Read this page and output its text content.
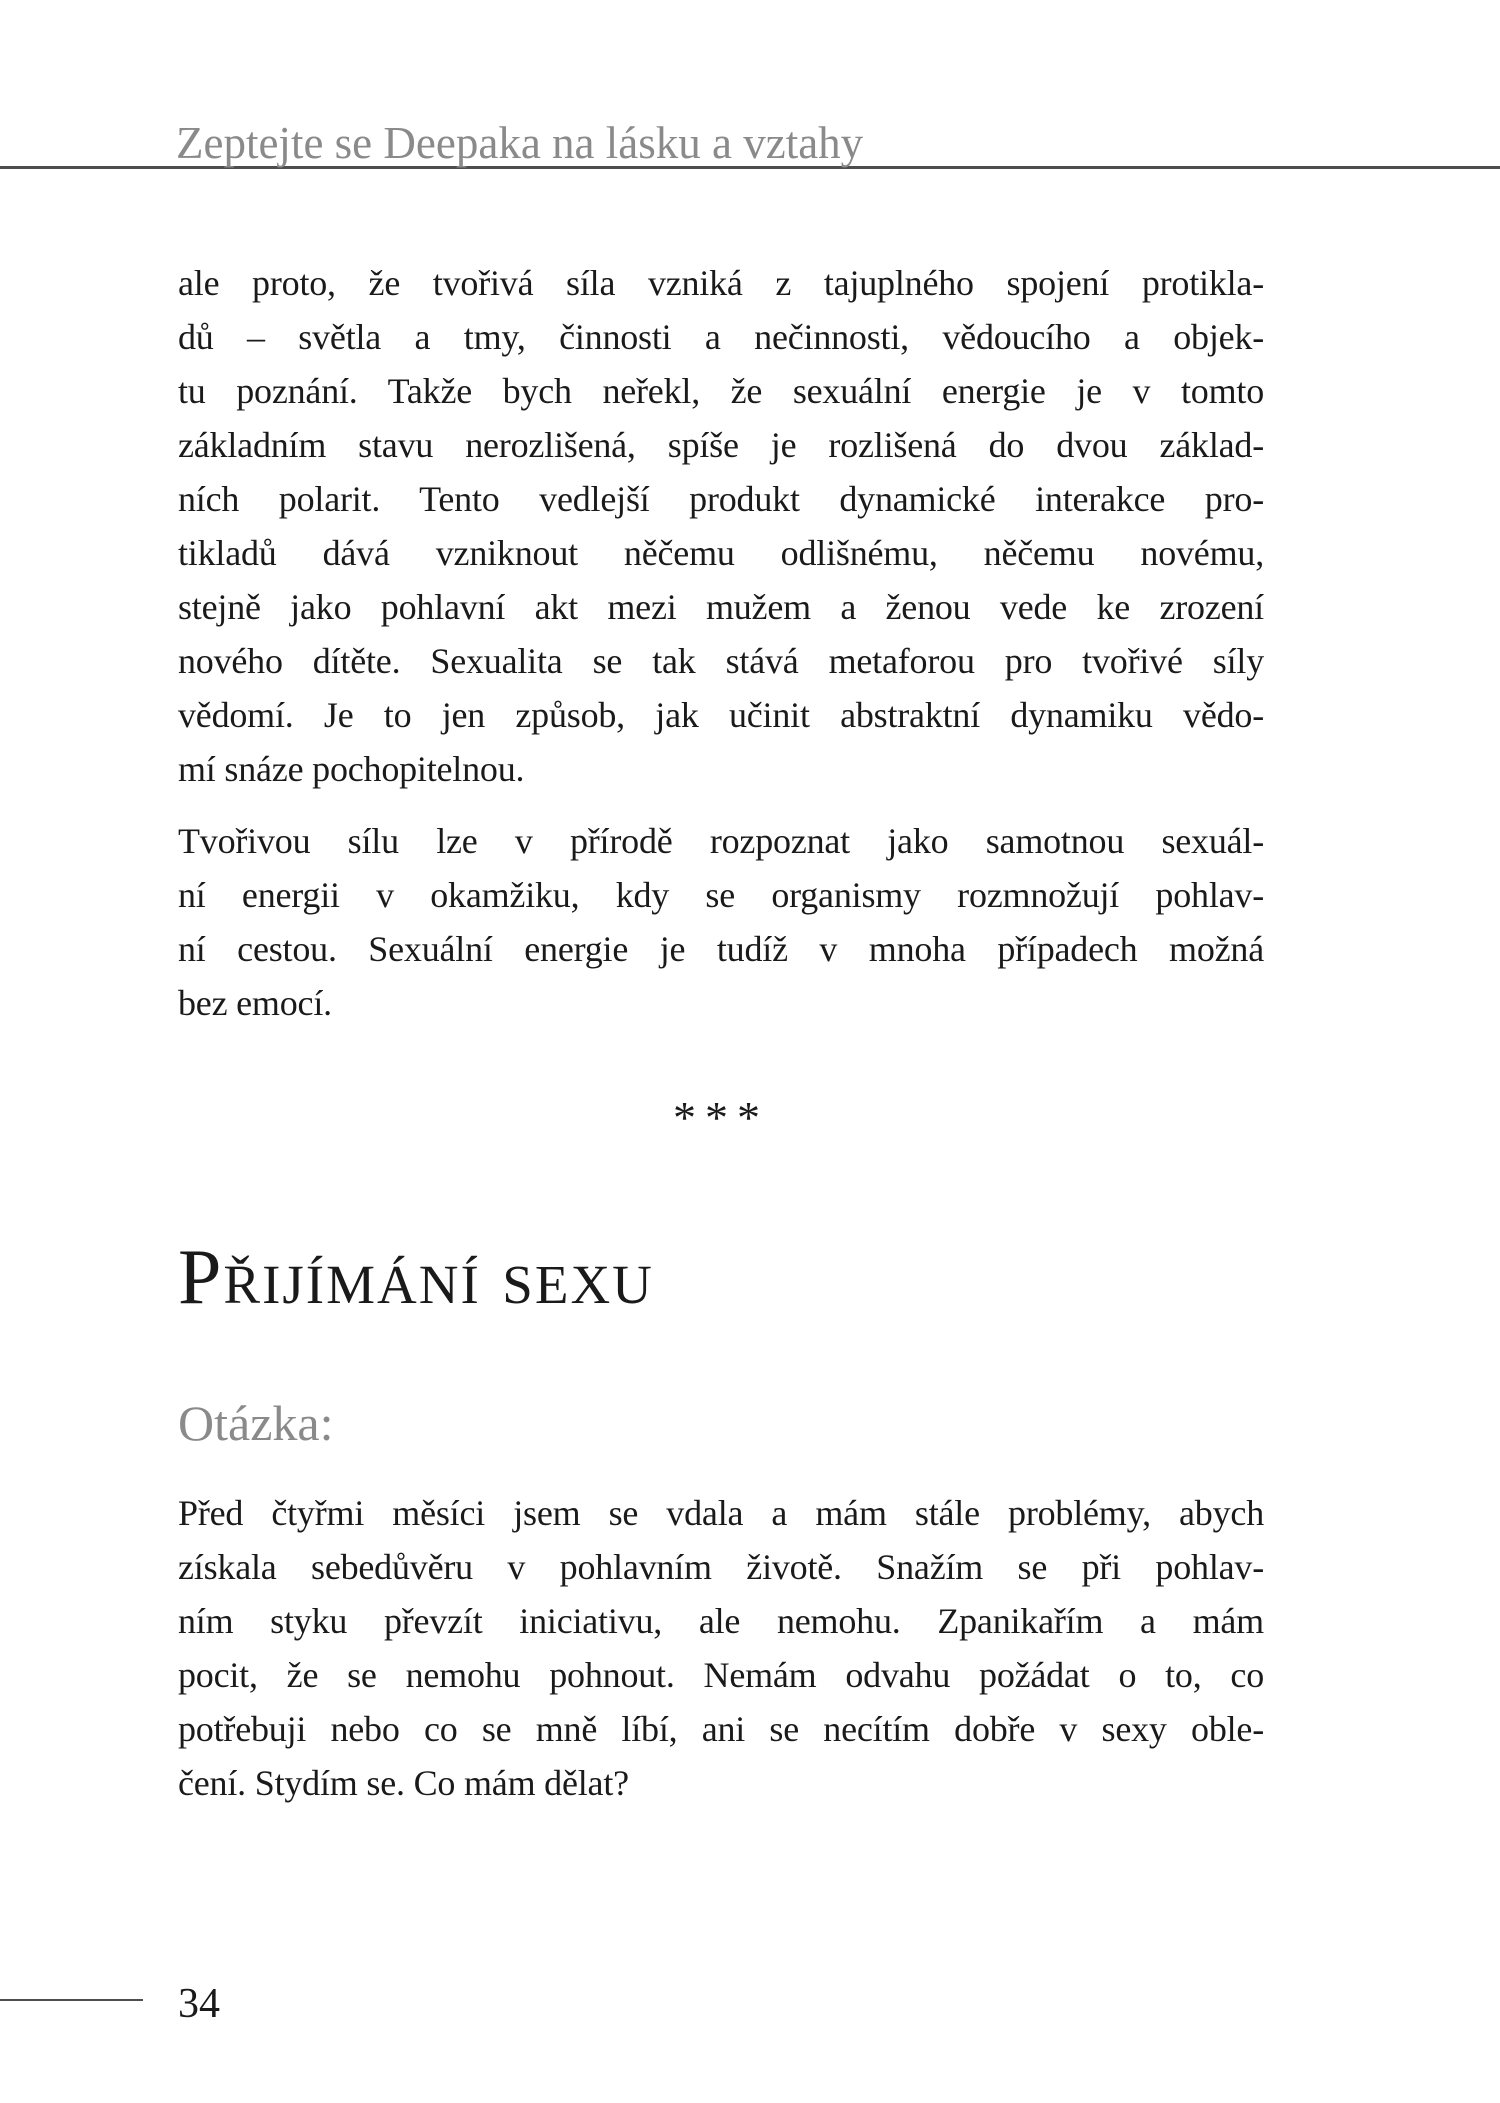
Zeptejte se Deepaka na lásku a vztahy
ale proto, že tvořivá síla vzniká z tajuplného spojení protikla-
dů – světla a tmy, činnosti a nečinnosti, vědoucího a objek-
tu poznání. Takže bych neřekl, že sexuální energie je v tomto
základním stavu nerozlišená, spíše je rozlišená do dvou základ-
ních polarit. Tento vedlejší produkt dynamické interakce pro-
tikladů dává vzniknout něčemu odlišnému, něčemu novému,
stejně jako pohlavní akt mezi mužem a ženou vede ke zrození
nového dítěte. Sexualita se tak stává metaforou pro tvořivé síly
vědomí. Je to jen způsob, jak učinit abstraktní dynamiku vědo-
mí snáze pochopitelnou.
Tvořivou sílu lze v přírodě rozpoznat jako samotnou sexuál-
ní energii v okamžiku, kdy se organismy rozmnožují pohlav-
ní cestou. Sexuální energie je tudíž v mnoha případech možná
bez emocí.
***
Přijímání sexu
Otázka:
Před čtyřmi měsíci jsem se vdala a mám stále problémy, abych
získala sebedůvěru v pohlavním životě. Snažím se při pohlav-
ním styku převzít iniciativu, ale nemohu. Zpanikařím a mám
pocit, že se nemohu pohnout. Nemám odvahu požádat o to, co
potřebuji nebo co se mně líbí, ani se necítím dobře v sexy oble-
čení. Stydím se. Co mám dělat?
34
